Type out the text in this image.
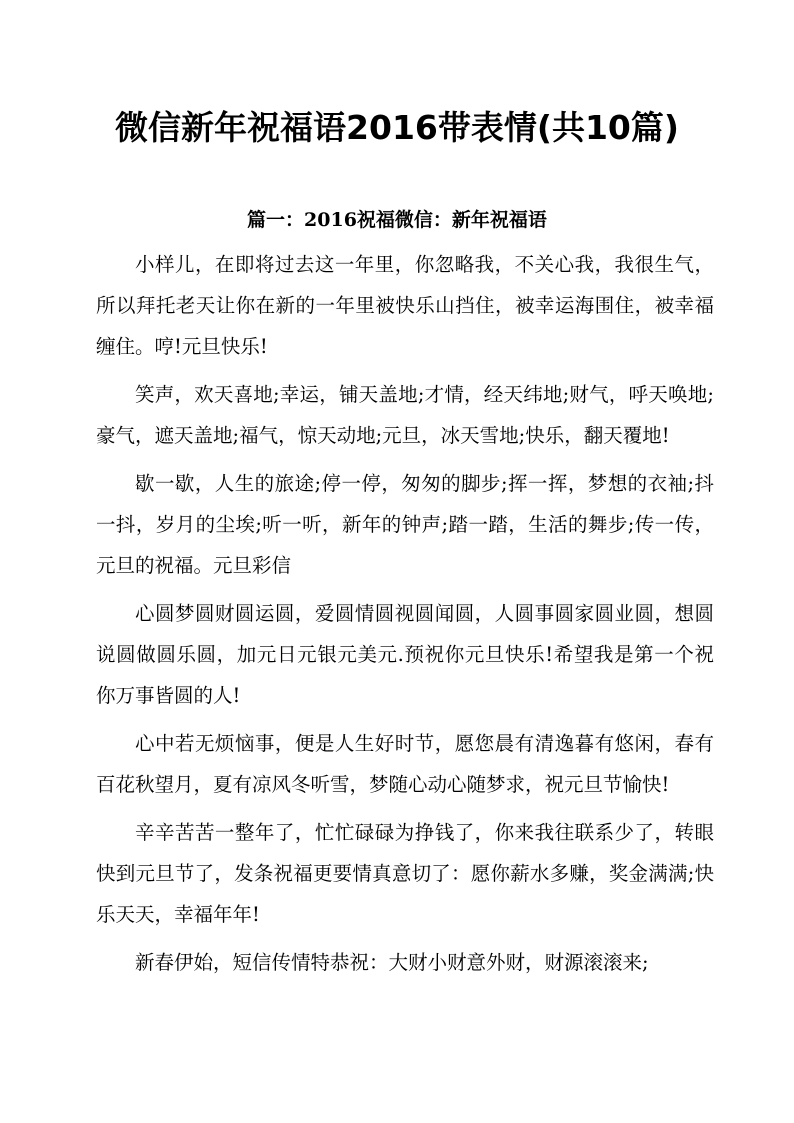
微信新年祝福语2016带表情(共10篇)
篇一：2016祝福微信：新年祝福语

小样儿，在即将过去这一年里，你忽略我，不关心我，我很生气，所以拜托老天让你在新的一年里被快乐山挡住，被幸运海围住，被幸福缠住。哼!元旦快乐!

笑声，欢天喜地;幸运，铺天盖地;才情，经天纬地;财气，呼天唤地;豪气，遮天盖地;福气，惊天动地;元旦，冰天雪地;快乐，翻天覆地!

歇一歇，人生的旅途;停一停，匆匆的脚步;挥一挥，梦想的衣袖;抖一抖，岁月的尘埃;听一听，新年的钟声;踏一踏，生活的舞步;传一传，元旦的祝福。元旦彩信

心圆梦圆财圆运圆，爱圆情圆视圆闻圆，人圆事圆家圆业圆，想圆说圆做圆乐圆，加元日元银元美元.预祝你元旦快乐!希望我是第一个祝你万事皆圆的人!

心中若无烦恼事，便是人生好时节，愿您晨有清逸暮有悠闲，春有百花秋望月，夏有凉风冬听雪，梦随心动心随梦求，祝元旦节愉快!

辛辛苦苦一整年了，忙忙碌碌为挣钱了，你来我往联系少了，转眼快到元旦节了，发条祝福更要情真意切了：愿你薪水多赚，奖金满满;快乐天天，幸福年年!

新春伊始，短信传情特恭祝：大财小财意外财，财源滚滚来;
